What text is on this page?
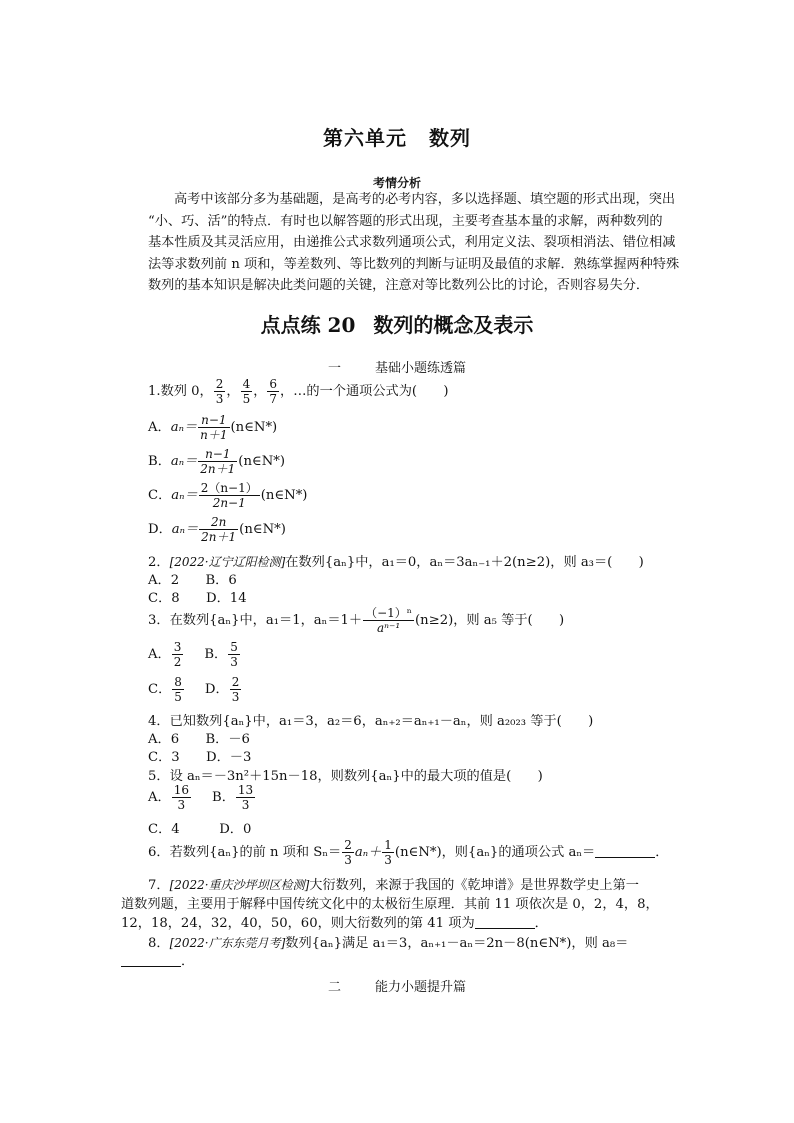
第六单元 数列
考情分析
高考中该部分多为基础题，是高考的必考内容，多以选择题、填空题的形式出现，突出
“小、巧、活”的特点．有时也以解答题的形式出现，主要考查基本量的求解，两种数列的
基本性质及其灵活应用，由递推公式求数列通项公式，利用定义法、裂项相消法、错位相减
法等求数列前 n 项和，等差数列、等比数列的判断与证明及最值的求解．熟练掌握两种特殊
数列的基本知识是解决此类问题的关键，注意对等比数列公比的讨论，否则容易失分．
点点练 20 数列的概念及表示
一	基础小题练透篇
1.数列 0， $\frac{2}{3}$ ， $\frac{4}{5}$ ， $\frac{6}{7}$ ，…的一个通项公式为(　　)
A．$a_n= \frac{n-1}{n+1}$ (n∈N*)
B．$a_n= \frac{n-1}{2n+1}$ (n∈N*)
C．$a_n= \frac{2(n-1)}{2n-1}$ (n∈N*)
D．$a_n= \frac{2n}{2n+1}$ (n∈N*)
2．[2022·辽宁辽阳检测]在数列{aₙ}中，a₁＝0，aₙ＝3aₙ₋₁＋2(n≥2)，则 a₃＝(　　)
A．2　　B．6
C．8　　D．14
3．在数列{aₙ}中，a₁＝1，$a_n=1+ \frac{\text{（−1）ⁿ}}{\text{aⁿ⁻¹}} (n\ge 2)$，则 a₅ 等于(　　)
A． $\frac{3}{2}$ B． $\frac{5}{3}$
C． $\frac{8}{5}$ D． $\frac{2}{3}$
4．已知数列{aₙ}中，a₁＝3，a₂＝6，aₙ₊₂＝aₙ₊₁－aₙ，则 a₂₀₂₃ 等于(　　)
A．6　　B．－6
C．3　　D．－3
5．设 aₙ＝－3n²＋15n－18，则数列{aₙ}中的最大项的值是(　　)
A． $\frac{16}{3}$ B． $\frac{13}{3}$
C．4　　　D．0
6．若数列{aₙ}的前 n 项和 $S_n= \frac{2}{3} a_n+ \frac{1}{3}$ (n∈N*)，则{aₙ}的通项公式 aₙ＝	．
7．[2022·重庆沙坪坝区检测]大衍数列，来源于我国的《乾坤谱》是世界数学史上第一
道数列题，主要用于解释中国传统文化中的太极衍生原理．其前 11 项依次是 0，2，4，8，
12，18，24，32，40，50，60，则大衍数列的第 41 项为	．
8．[2022·广东东莞月考]数列{aₙ}满足 a₁＝3，aₙ₊₁－aₙ＝2n－8(n∈N*)，则 a₈＝
．
二	能力小题提升篇
